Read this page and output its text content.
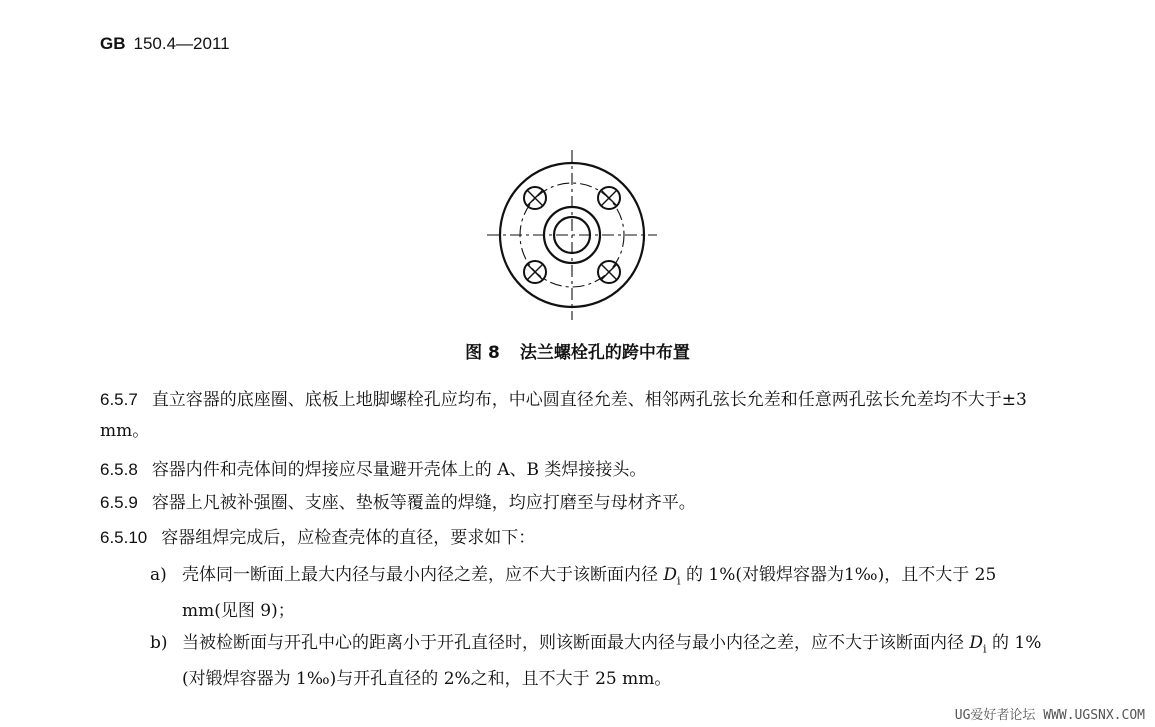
GB 150.4—2011
图 8 法兰螺栓孔的跨中布置
6.5.7 直立容器的底座圈、底板上地脚螺栓孔应均布，中心圆直径允差、相邻两孔弦长允差和任意两孔弦长允差均不大于±3 mm。
6.5.8 容器内件和壳体间的焊接应尽量避开壳体上的 A、B 类焊接接头。
6.5.9 容器上凡被补强圈、支座、垫板等覆盖的焊缝，均应打磨至与母材齐平。
6.5.10 容器组焊完成后，应检查壳体的直径，要求如下：
a) 壳体同一断面上最大内径与最小内径之差，应不大于该断面内径 $D_i$ 的 1%(对锻焊容器为1‰)，且不大于 25 mm(见图 9)；
b) 当被检断面与开孔中心的距离小于开孔直径时，则该断面最大内径与最小内径之差，应不大于该断面内径 $D_i$ 的 1%(对锻焊容器为 1‰)与开孔直径的 2%之和，且不大于 25 mm。
UG爱好者论坛 WWW.UGSNX.COM
